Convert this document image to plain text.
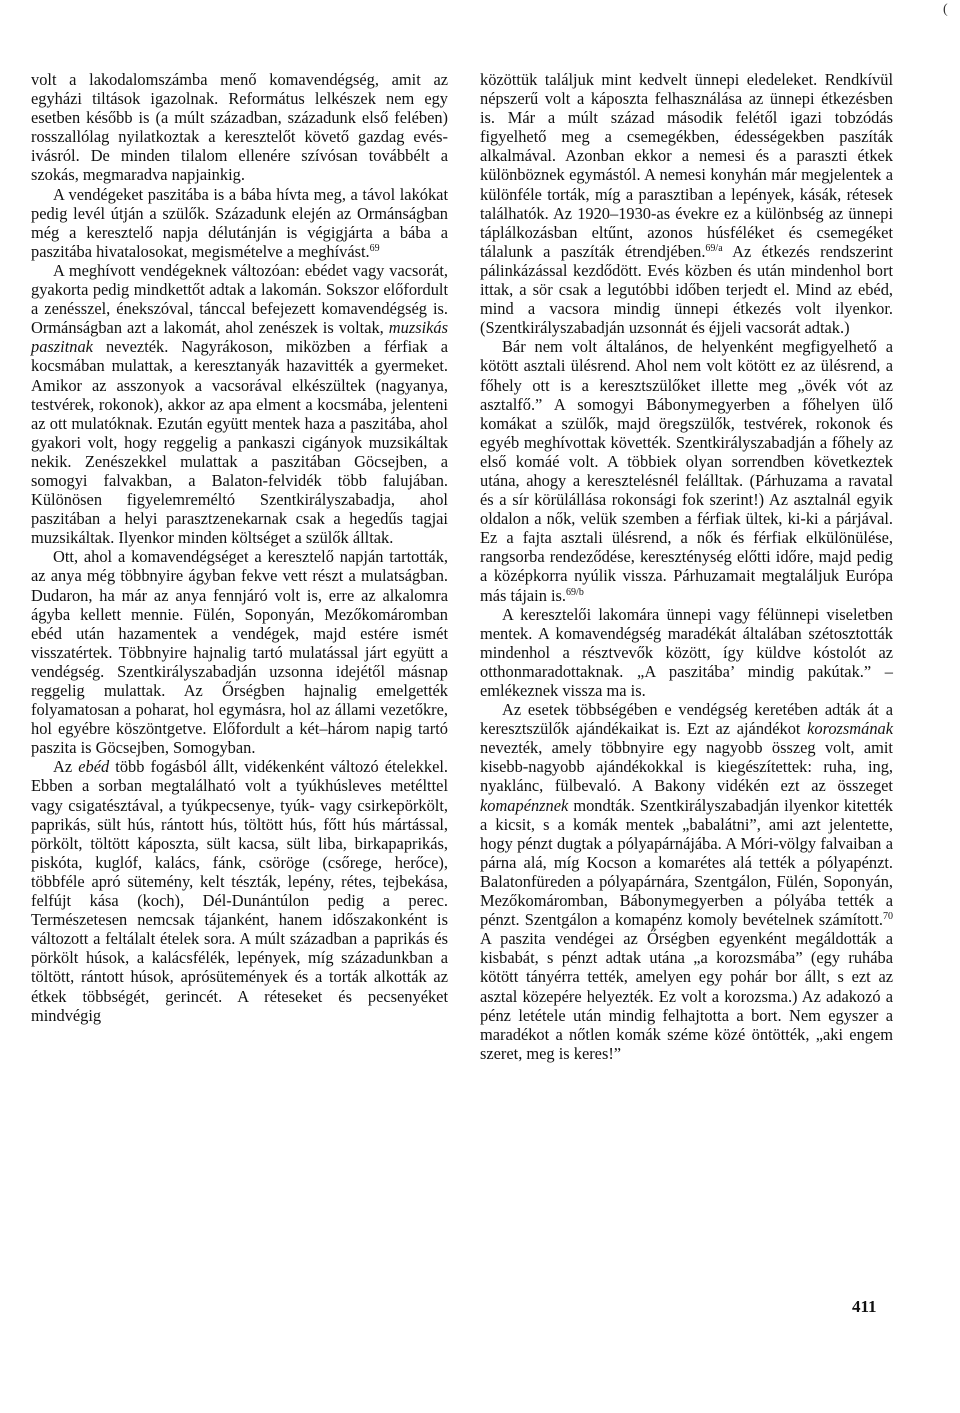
(

volt a lakodalomszámba menő komavendégség, amit az egyházi tiltások igazolnak. Református lelkészek nem egy esetben később is (a múlt században, századunk első felében) rosszallólag nyilatkoztak a keresztelőt követő gazdag evés-ivásról. De minden tilalom ellenére szívósan továbbélt a szokás, megmaradva napjainkig.

A vendégeket paszitába is a bába hívta meg, a távol lakókat pedig levél útján a szülők. Századunk elején az Ormánságban még a keresztelő napja délutánján is végigjárta a bába a paszitába hivatalosokat, megismételve a meghívást.$^{69}$

A meghívott vendégeknek változóan: ebédet vagy vacsorát, gyakorta pedig mindkettőt adtak a lakomán. Sokszor előfordult a zenésszel, énekszóval, tánccal befejezett komavendégség is. Ormánságban azt a lakomát, ahol zenészek is voltak, muzsikás paszitnak nevezték. Nagyrákoson, miközben a férfiak a kocsmában mulattak, a keresztanyák hazavitték a gyermeket. Amikor az asszonyok a vacsorával elkészültek (nagyanya, testvérek, rokonok), akkor az apa elment a kocsmába, jelenteni az ott mulatóknak. Ezután együtt mentek haza a paszitába, ahol gyakori volt, hogy reggelig a pankaszi cigányok muzsikáltak nekik. Zenészekkel mulattak a paszitában Göcsejben, a somogyi falvakban, a Balaton-felvidék több falujában. Különösen figyelemreméltó Szentkirályszabadja, ahol paszitában a helyi parasztzenekarnak csak a hegedűs tagjai muzsikáltak. Ilyenkor minden költséget a szülők álltak.

Ott, ahol a komavendégséget a keresztelő napján tartották, az anya még többnyire ágyban fekve vett részt a mulatságban. Dudaron, ha már az anya fennjáró volt is, erre az alkalomra ágyba kellett mennie. Fülén, Soponyán, Mezőkomáromban ebéd után hazamentek a vendégek, majd estére ismét visszatértek. Többnyire hajnalig tartó mulatással járt együtt a vendégség. Szentkirályszabadján uzsonna idejétől másnap reggelig mulattak. Az Őrségben hajnalig emelgették folyamatosan a poharat, hol egymásra, hol az állami vezetőkre, hol egyébre köszöntgetve. Előfordult a két–három napig tartó paszita is Göcsejben, Somogyban.

Az ebéd több fogásból állt, vidékenként változó ételekkel. Ebben a sorban megtalálható volt a tyúkhúsleves metélttel vagy csigatésztával, a tyúkpecsenye, tyúk- vagy csirkepörkölt, paprikás, sült hús, rántott hús, töltött hús, főtt hús mártással, pörkölt, töltött káposzta, sült kacsa, sült liba, birkapaprikás, piskóta, kuglóf, kalács, fánk, csöröge (csőrege, herőce), többféle apró sütemény, kelt tészták, lepény, rétes, tejbekása, felfújt kása (koch), Dél-Dunántúlon pedig a perec. Természetesen nemcsak tájanként, hanem időszakonként is változott a feltálalt ételek sora. A múlt században a paprikás és pörkölt húsok, a kalácsfélék, lepények, míg századunkban a töltött, rántott húsok, aprósütemények és a torták alkották az étkek többségét, gerincét. A réteseket és pecsenyéket mindvégig

közöttük találjuk mint kedvelt ünnepi eledeleket. Rendkívül népszerű volt a káposzta felhasználása az ünnepi étkezésben is. Már a múlt század második felétől igazi tobzódás figyelhető meg a csemegékben, édességekben paszíták alkalmával. Azonban ekkor a nemesi és a paraszti étkek különböznek egymástól. A nemesi konyhán már megjelentek a különféle torták, míg a parasztiban a lepények, kásák, rétesek találhatók. Az 1920–1930-as évekre ez a különbség az ünnepi táplálkozásban eltűnt, azonos húsféléket és csemegéket tálalunk a paszíták étrendjében.$^{69/a}$ Az étkezés rendszerint pálinkázással kezdődött. Evés közben és után mindenhol bort ittak, a sör csak a legutóbbi időben terjedt el. Mind az ebéd, mind a vacsora mindig ünnepi étkezés volt ilyenkor. (Szentkirályszabadján uzsonnát és éjjeli vacsorát adtak.)

Bár nem volt általános, de helyenként megfigyelhető a kötött asztali ülésrend. Ahol nem volt kötött ez az ülésrend, a főhely ott is a keresztszülőket illette meg „övék vót az asztalfő.” A somogyi Bábonymegyerben a főhelyen ülő komákat a szülők, majd öregszülők, testvérek, rokonok és egyéb meghívottak követték. Szentkirályszabadján a főhely az első komáé volt. A többiek olyan sorrendben következtek utána, ahogy a keresztelésnél felálltak. (Párhuzama a ravatal és a sír körülállása rokonsági fok szerint!) Az asztalnál egyik oldalon a nők, velük szemben a férfiak ültek, ki-ki a párjával. Ez a fajta asztali ülésrend, a nők és férfiak elkülönülése, rangsorba rendeződése, kereszténység előtti időre, majd pedig a középkorra nyúlik vissza. Párhuzamait megtaláljuk Európa más tájain is.$^{69/b}$

A keresztelői lakomára ünnepi vagy félünnepi viseletben mentek. A komavendégség maradékát általában szétosztották mindenhol a résztvevők között, így küldve kóstolót az otthonmaradottaknak. „A paszitába’ mindig pakútak.” – emlékeznek vissza ma is.

Az esetek többségében e vendégség keretében adták át a keresztszülők ajándékaikat is. Ezt az ajándékot korozsmának nevezték, amely többnyire egy nagyobb összeg volt, amit kisebb-nagyobb ajándékokkal is kiegészítettek: ruha, ing, nyaklánc, fülbevaló. A Bakony vidékén ezt az összeget komapénznek mondták. Szentkirályszabadján ilyenkor kitették a kicsit, s a komák mentek „babalátni”, ami azt jelentette, hogy pénzt dugtak a pólyapárnájába. A Móri-völgy falvaiban a párna alá, míg Kocson a komarétes alá tették a pólyapénzt. Balatonfüreden a pólyapárnára, Szentgálon, Fülén, Soponyán, Mezőkomáromban, Bábonymegyerben a pólyába tették a pénzt. Szentgálon a komapénz komoly bevételnek számított.$^{70}$ A paszita vendégei az Őrségben egyenként megáldották a kisbabát, s pénzt adtak utána „a korozsmába” (egy ruhába kötött tányérra tették, amelyen egy pohár bor állt, s ezt az asztal közepére helyezték. Ez volt a korozsma.) Az adakozó a pénz letétele után mindig felhajtotta a bort. Nem egyszer a maradékot a nőtlen komák széme közé öntötték, „aki engem szeret, meg is keres!”

411
